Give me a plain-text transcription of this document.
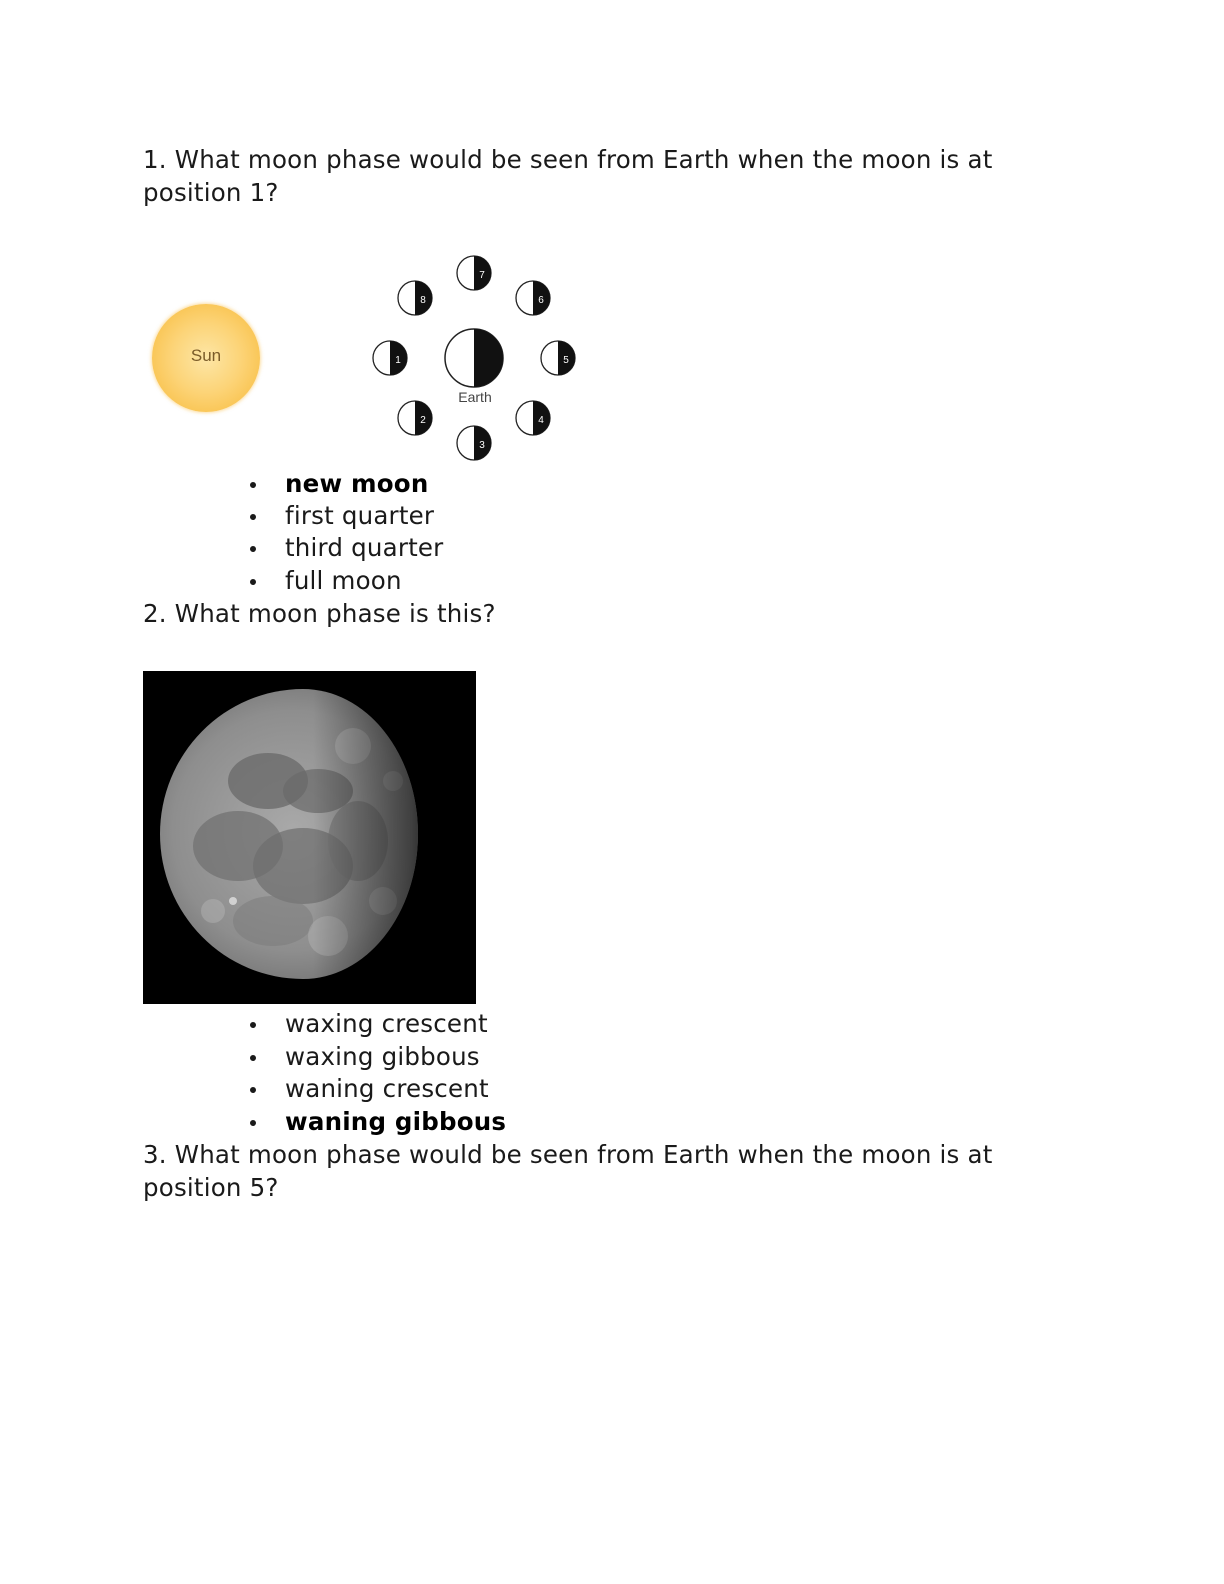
1. What moon phase would be seen from Earth when the moon is at position 1?
Sun
Earth
1
2
3
4
5
6
7
8
new moon
first quarter
third quarter
full moon
2. What moon phase is this?
waxing crescent
waxing gibbous
waning crescent
waning gibbous
3. What moon phase would be seen from Earth when the moon is at position 5?
